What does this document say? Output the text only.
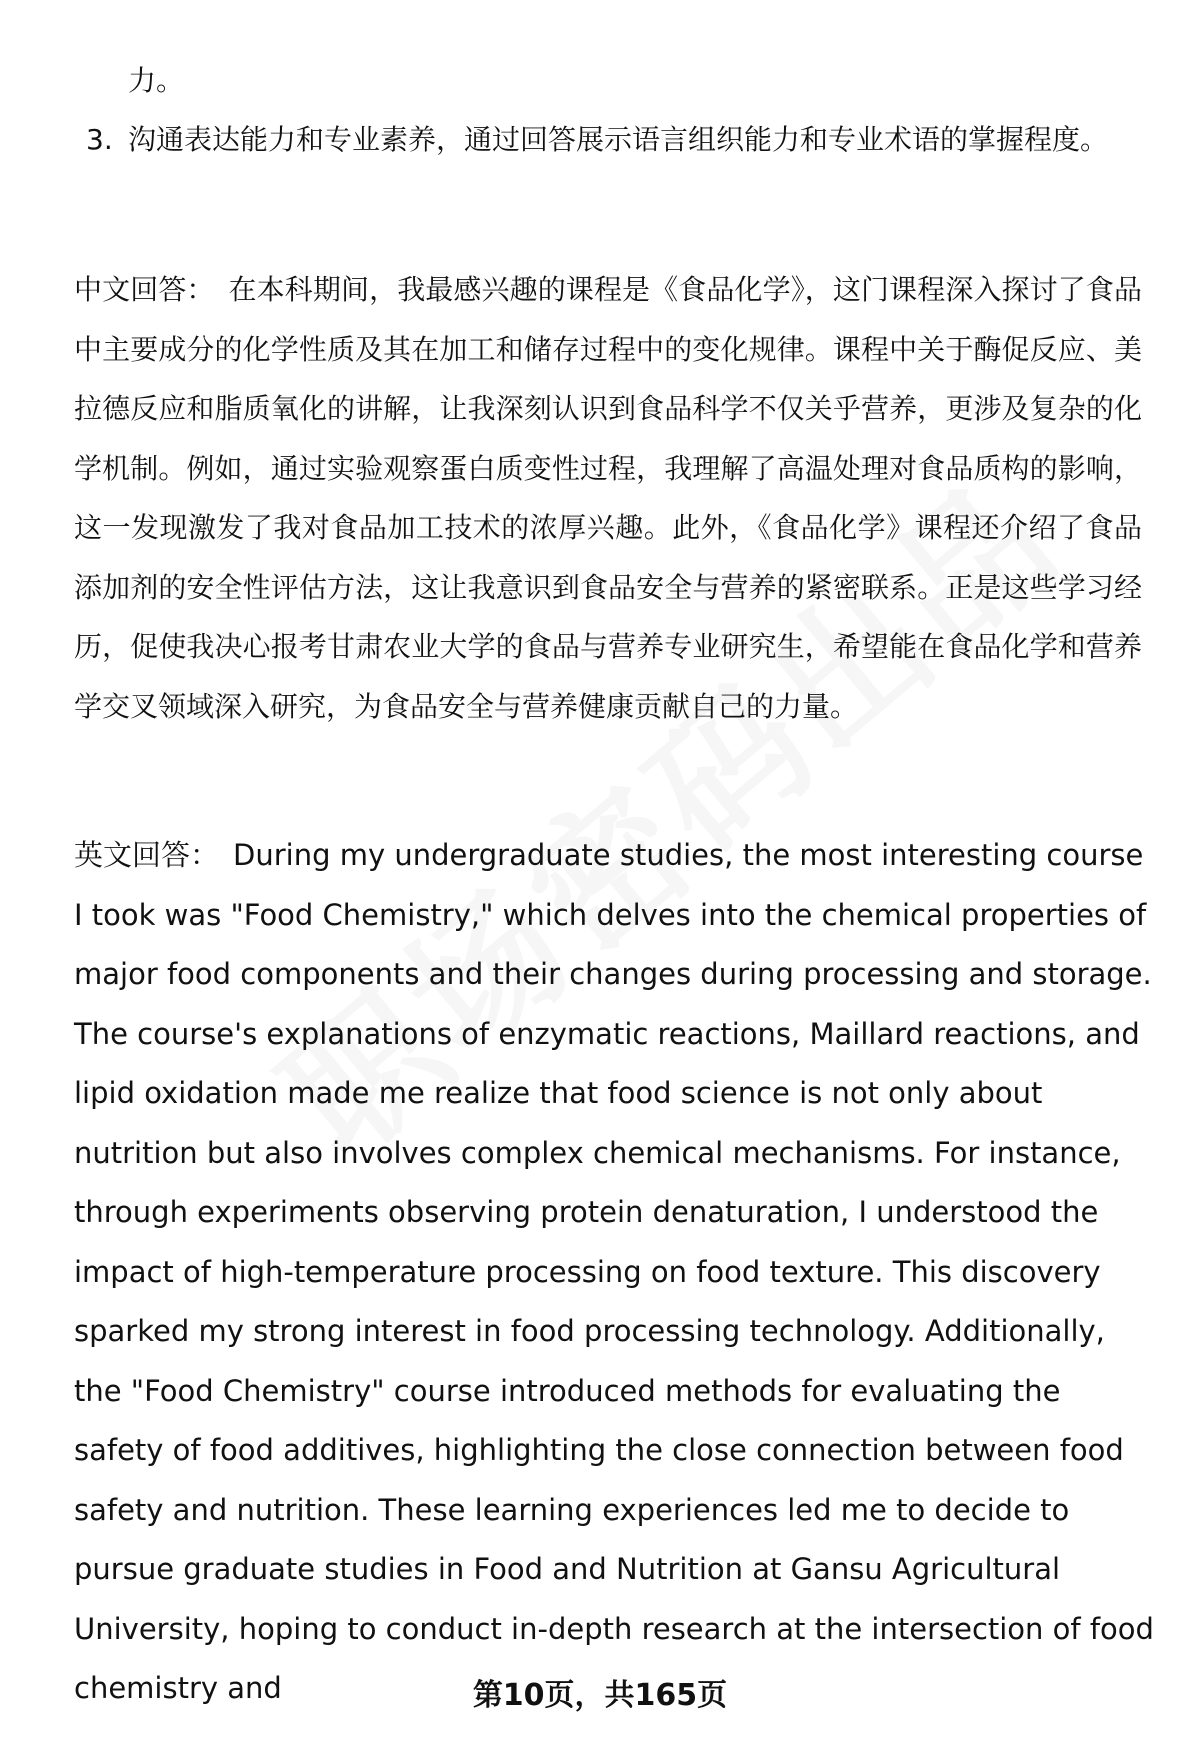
力。
3. 沟通表达能力和专业素养，通过回答展示语言组织能力和专业术语的掌握程度。
中文回答： 在本科期间，我最感兴趣的课程是《食品化学》，这门课程深入探讨了食品中主要成分的化学性质及其在加工和储存过程中的变化规律。课程中关于酶促反应、美拉德反应和脂质氧化的讲解，让我深刻认识到食品科学不仅关乎营养，更涉及复杂的化学机制。例如，通过实验观察蛋白质变性过程，我理解了高温处理对食品质构的影响，这一发现激发了我对食品加工技术的浓厚兴趣。此外，《食品化学》课程还介绍了食品添加剂的安全性评估方法，这让我意识到食品安全与营养的紧密联系。正是这些学习经历，促使我决心报考甘肃农业大学的食品与营养专业研究生，希望能在食品化学和营养学交叉领域深入研究，为食品安全与营养健康贡献自己的力量。
英文回答： During my undergraduate studies, the most interesting course I took was "Food Chemistry," which delves into the chemical properties of major food components and their changes during processing and storage. The course's explanations of enzymatic reactions, Maillard reactions, and lipid oxidation made me realize that food science is not only about nutrition but also involves complex chemical mechanisms. For instance, through experiments observing protein denaturation, I understood the impact of high-temperature processing on food texture. This discovery sparked my strong interest in food processing technology. Additionally, the "Food Chemistry" course introduced methods for evaluating the safety of food additives, highlighting the close connection between food safety and nutrition. These learning experiences led me to decide to pursue graduate studies in Food and Nutrition at Gansu Agricultural University, hoping to conduct in-depth research at the intersection of food chemistry and	第10页，共165页
